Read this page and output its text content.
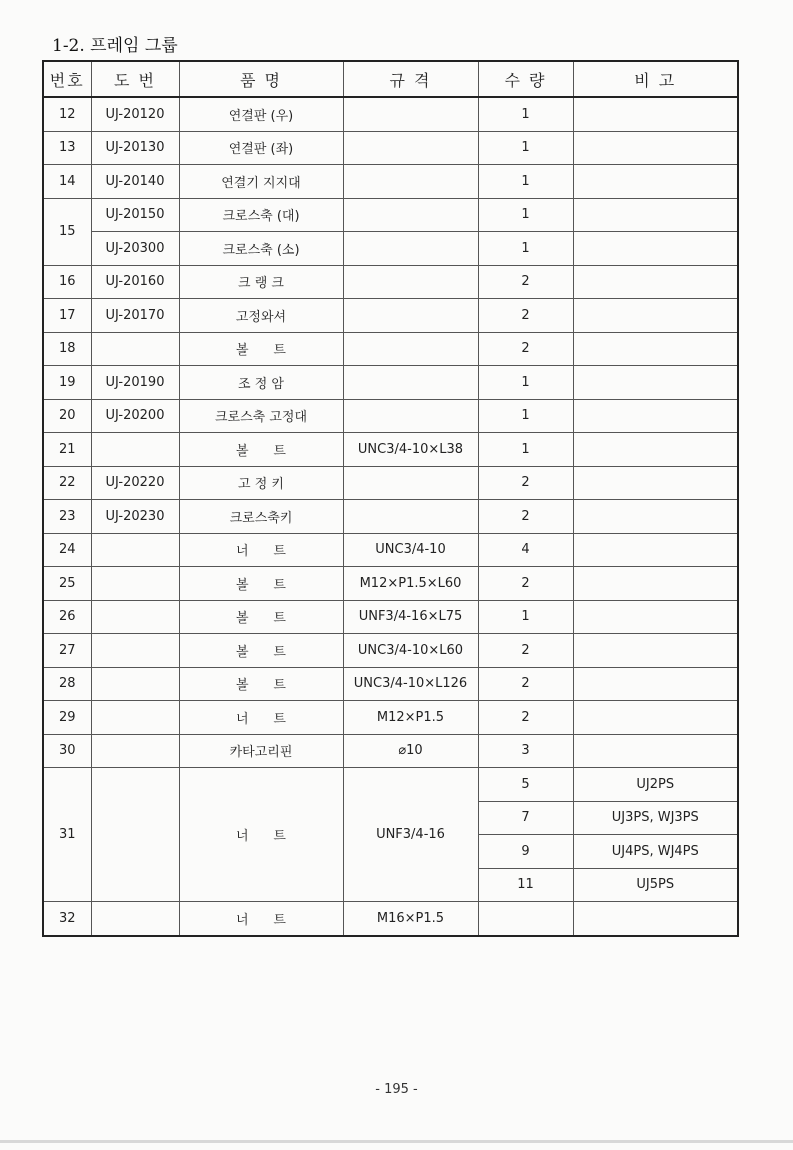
1-2. 프레임 그룹
번호	도 번	품 명	규 격	수 량	비 고
12	UJ-20120	연결판 (우)		1	
13	UJ-20130	연결판 (좌)		1	
14	UJ-20140	연결기 지지대		1	
15	UJ-20150	크로스축 (대)		1	
	UJ-20300	크로스축 (소)		1	
16	UJ-20160	크 랭 크		2	
17	UJ-20170	고정와셔		2	
18		볼      트		2	
19	UJ-20190	조 정 암		1	
20	UJ-20200	크로스축 고정대		1	
21		볼      트	UNC3/4-10×L38	1	
22	UJ-20220	고 정 키		2	
23	UJ-20230	크로스축키		2	
24		너      트	UNC3/4-10	4	
25		볼      트	M12×P1.5×L60	2	
26		볼      트	UNF3/4-16×L75	1	
27		볼      트	UNC3/4-10×L60	2	
28		볼      트	UNC3/4-10×L126	2	
29		너      트	M12×P1.5	2	
30		카타고리핀	⌀10	3	
31		너      트	UNF3/4-16	5	UJ2PS
				7	UJ3PS, WJ3PS
				9	UJ4PS, WJ4PS
				11	UJ5PS
32		너      트	M16×P1.5		
- 195 -
